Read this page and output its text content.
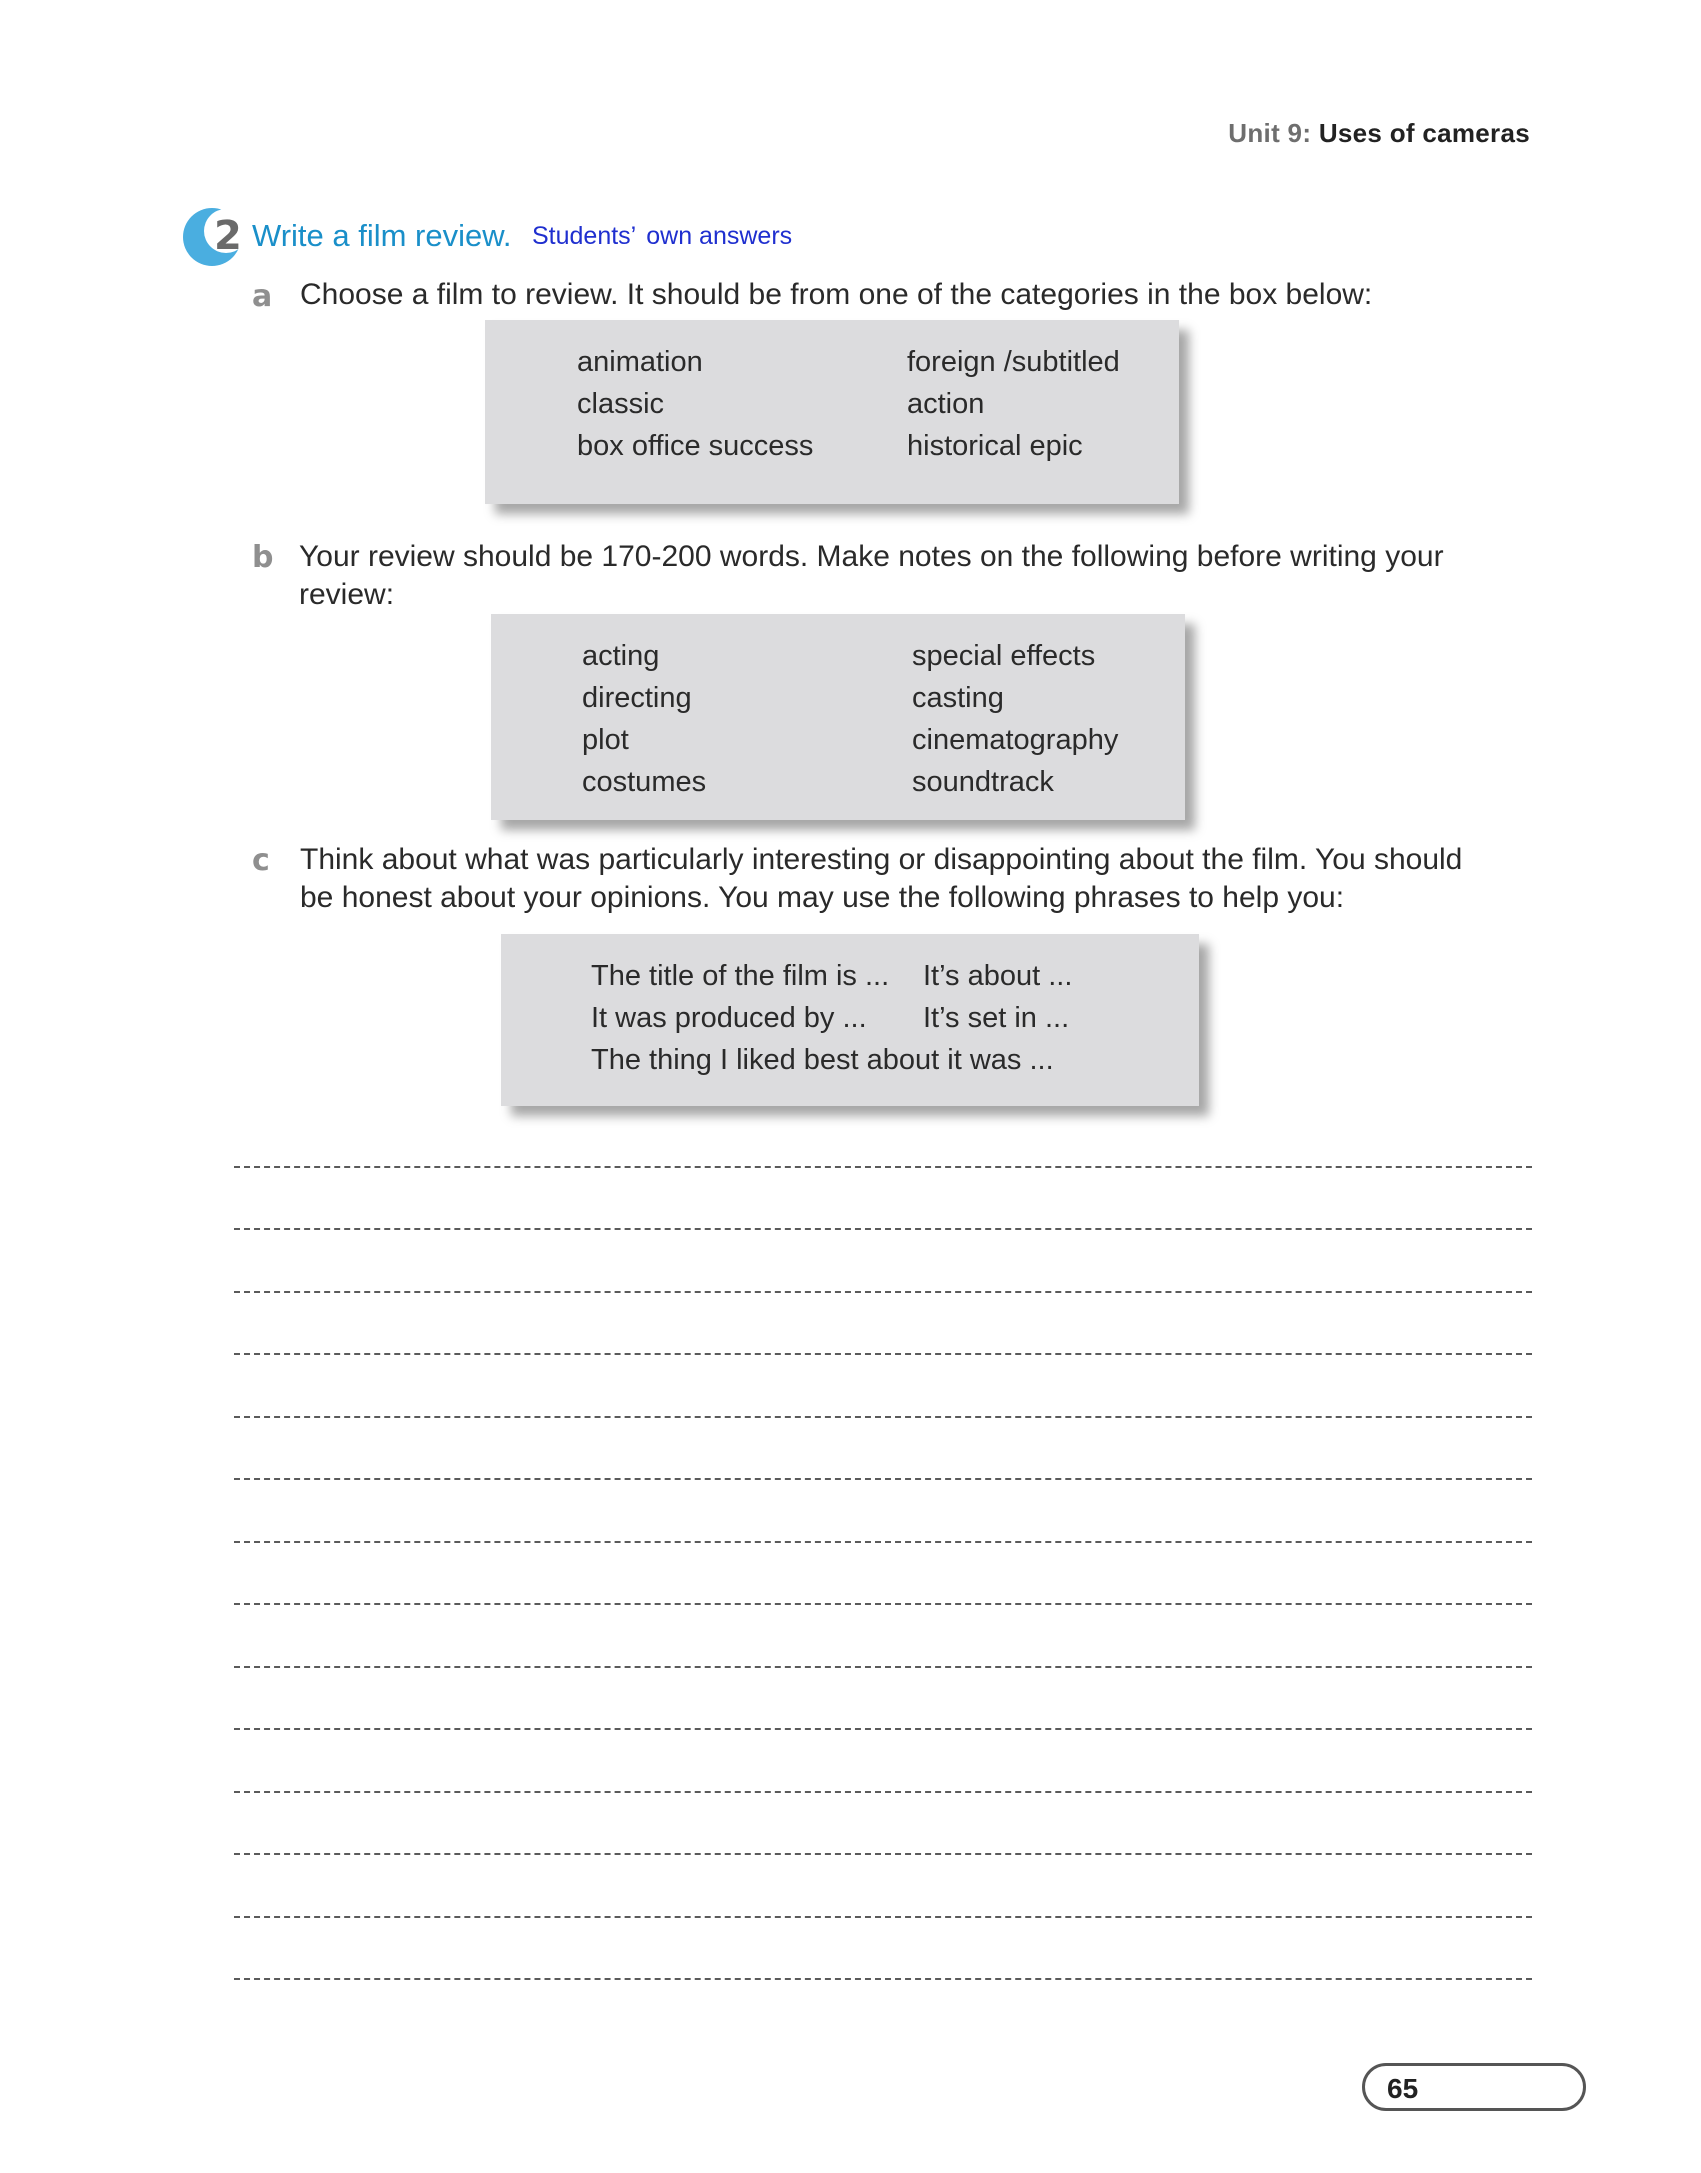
Unit 9: Uses of cameras
2 Write a film review. Students’ own answers
a Choose a film to review. It should be from one of the categories in the box below:
animation
classic
box office success
foreign /subtitled
action
historical epic
b Your review should be 170-200 words. Make notes on the following before writing your
review:
acting
directing
plot
costumes
special effects
casting
cinematography
soundtrack
c Think about what was particularly interesting or disappointing about the film. You should
be honest about your opinions. You may use the following phrases to help you:
The title of the film is ... It’s about ...
It was produced by ... It’s set in ...
The thing I liked best about it was ...
65
